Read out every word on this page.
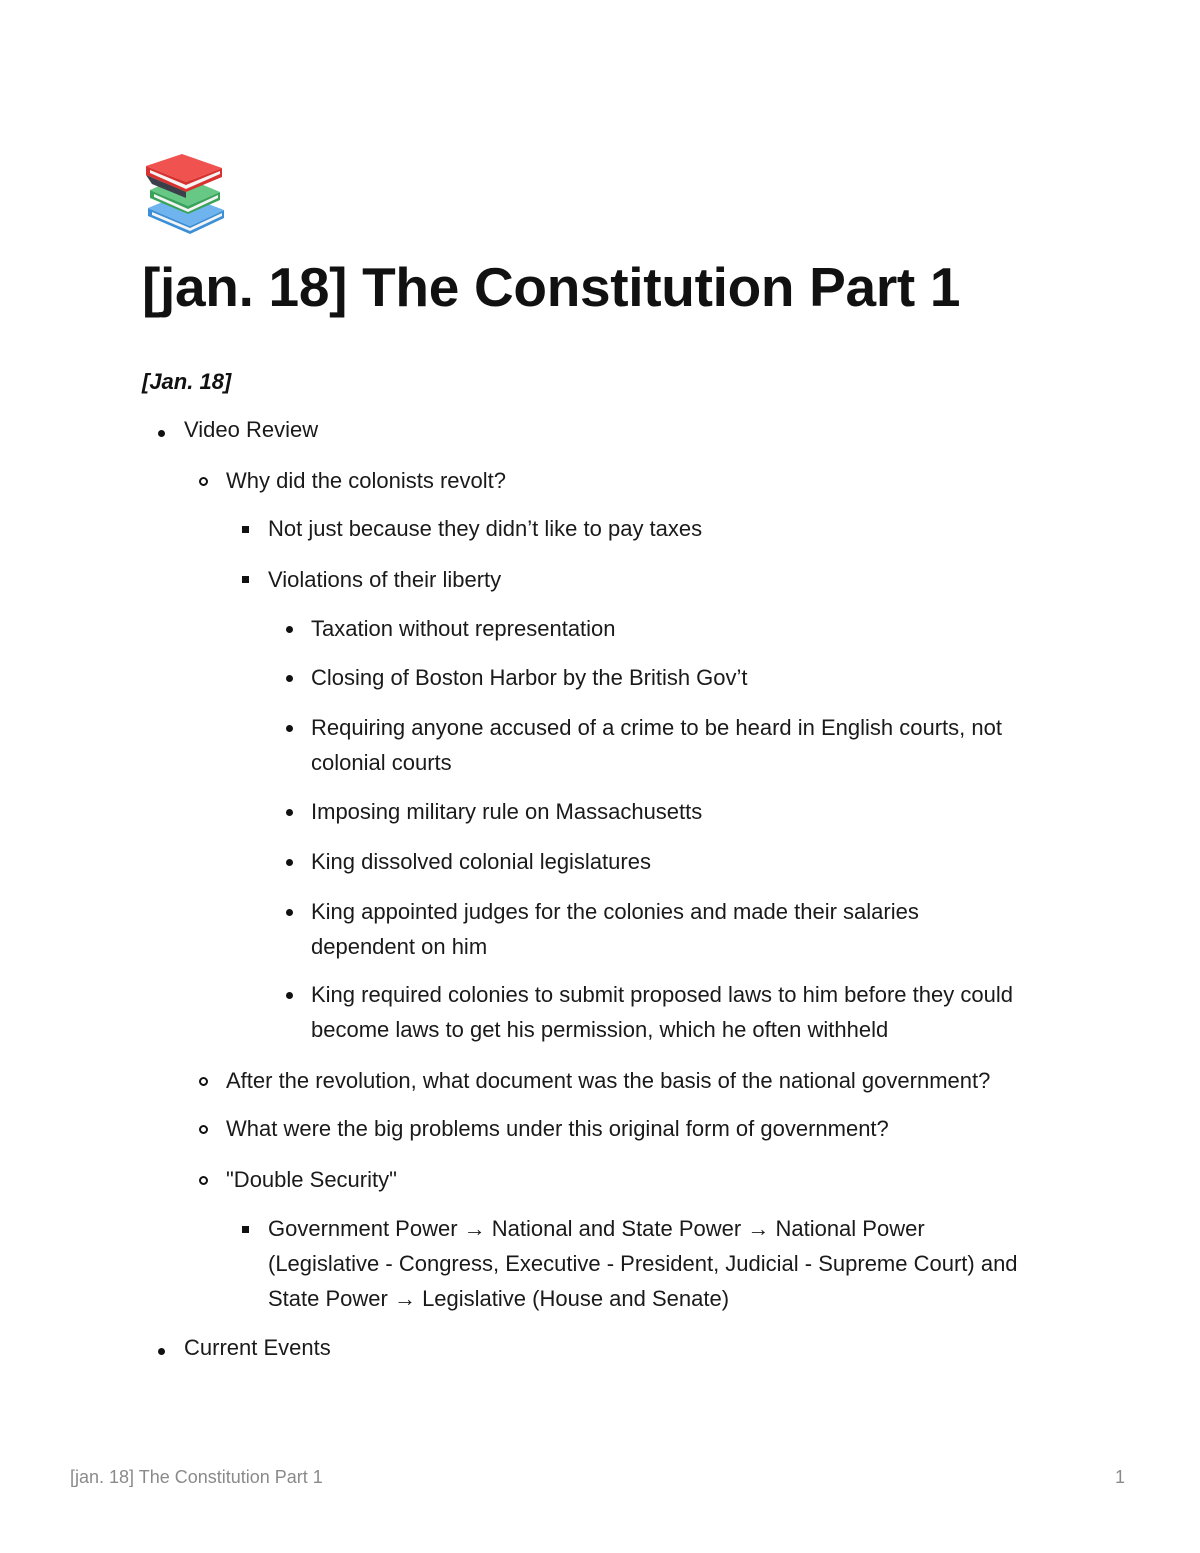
[jan. 18] The Constitution Part 1
[Jan. 18]
Video Review
Why did the colonists revolt?
Not just because they didn’t like to pay taxes
Violations of their liberty
Taxation without representation
Closing of Boston Harbor by the British Gov’t
Requiring anyone accused of a crime to be heard in English courts, not colonial courts
Imposing military rule on Massachusetts
King dissolved colonial legislatures
King appointed judges for the colonies and made their salaries dependent on him
King required colonies to submit proposed laws to him before they could become laws to get his permission, which he often withheld
After the revolution, what document was the basis of the national government?
What were the big problems under this original form of government?
"Double Security"
Government Power → National and State Power → National Power (Legislative - Congress, Executive - President, Judicial - Supreme Court) and State Power → Legislative (House and Senate)
Current Events
[jan. 18] The Constitution Part 1	1
